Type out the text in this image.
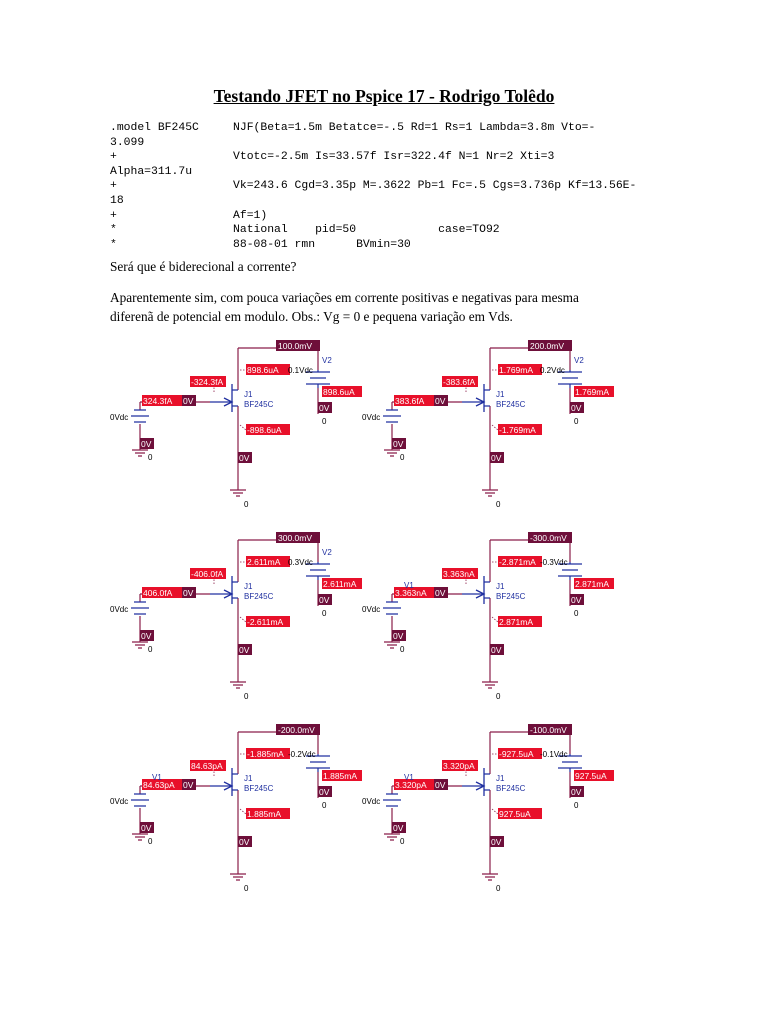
Testando JFET no Pspice 17 - Rodrigo Tolêdo
.model BF245C     NJF(Beta=1.5m Betatce=-.5 Rd=1 Rs=1 Lambda=3.8m Vto=-
3.099
+                 Vtotc=-2.5m Is=33.57f Isr=322.4f N=1 Nr=2 Xti=3
Alpha=311.7u
+                 Vk=243.6 Cgd=3.35p M=.3622 Pb=1 Fc=.5 Cgs=3.736p Kf=13.56E-
18
+                 Af=1)
*                 National    pid=50            case=TO92
*                 88-08-01 rmn      BVmin=30
Será que é biderecional a corrente?
Aparentemente sim, com pouca variações em corrente positivas e negativas para mesma
diferenã de potencial em modulo. Obs.: Vg = 0 e pequena variação em Vds.
100.0mV
898.6uA 0.1Vdc
V2
898.6uA
-324.3fA
324.3fA 0V
J1
BF245C
-898.6uA
0V
0
0Vdc
0V
0	0V
0
200.0mV
1.769mA 0.2Vdc
V2
1.769mA
-383.6fA
383.6fA 0V
J1
BF245C
-1.769mA
0V
0
0Vdc
0V
0	0V
0
300.0mV
2.611mA 0.3Vdc
V2
2.611mA
-406.0fA
406.0fA 0V
J1
BF245C
-2.611mA
0V
0
0Vdc
0V
0	0V
0
-300.0mV
-2.871mA -0.3Vdc
2.871mA
3.363nA
3.363nA
V1
0V
J1
BF245C
2.871mA
0V
0
0Vdc
0V
0	0V
0
-200.0mV
-1.885mA -0.2Vdc
1.885mA
84.63pA
84.63pA
V1
0V
J1
BF245C
1.885mA
0V
0
0Vdc
0V
0	0V
0
-100.0mV
-927.5uA -0.1Vdc
927.5uA
3.320pA
3.320pA
V1
0V
J1
BF245C
927.5uA
0V
0
0Vdc
0V
0	0V
0
